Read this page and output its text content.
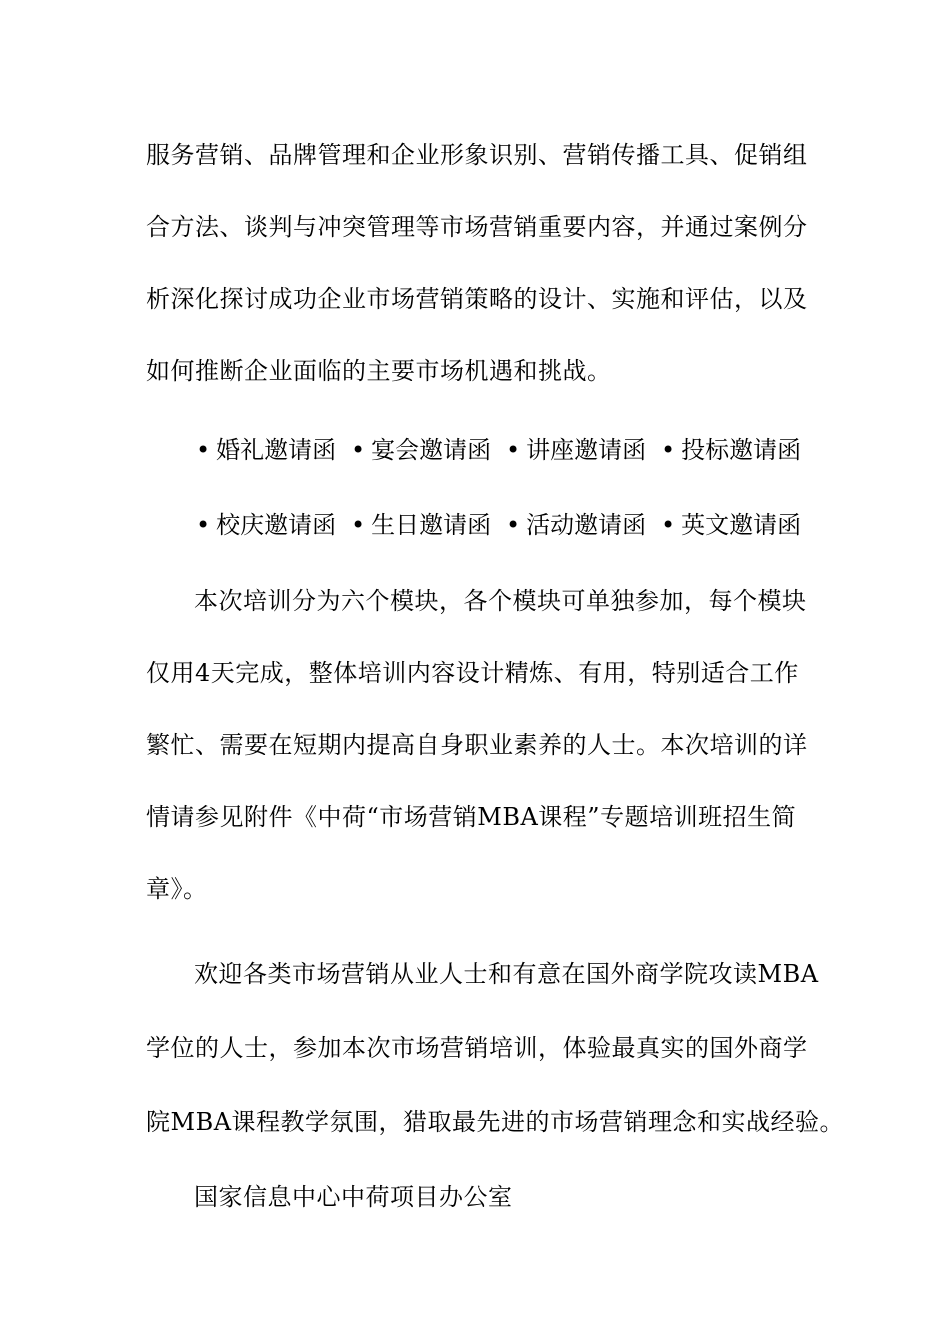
服务营销、品牌管理和企业形象识别、营销传播工具、促销组
合方法、谈判与冲突管理等市场营销重要内容，并通过案例分
析深化探讨成功企业市场营销策略的设计、实施和评估，以及
如何推断企业面临的主要市场机遇和挑战。
• 婚礼邀请函 • 宴会邀请函 • 讲座邀请函 • 投标邀请函
• 校庆邀请函 • 生日邀请函 • 活动邀请函 • 英文邀请函
本次培训分为六个模块，各个模块可单独参加，每个模块
仅用4天完成，整体培训内容设计精炼、有用，特别适合工作
繁忙、需要在短期内提高自身职业素养的人士。本次培训的详
情请参见附件《中荷“市场营销MBA课程”专题培训班招生简
章》。
欢迎各类市场营销从业人士和有意在国外商学院攻读MBA
学位的人士，参加本次市场营销培训，体验最真实的国外商学
院MBA课程教学氛围，猎取最先进的市场营销理念和实战经验。
国家信息中心中荷项目办公室
